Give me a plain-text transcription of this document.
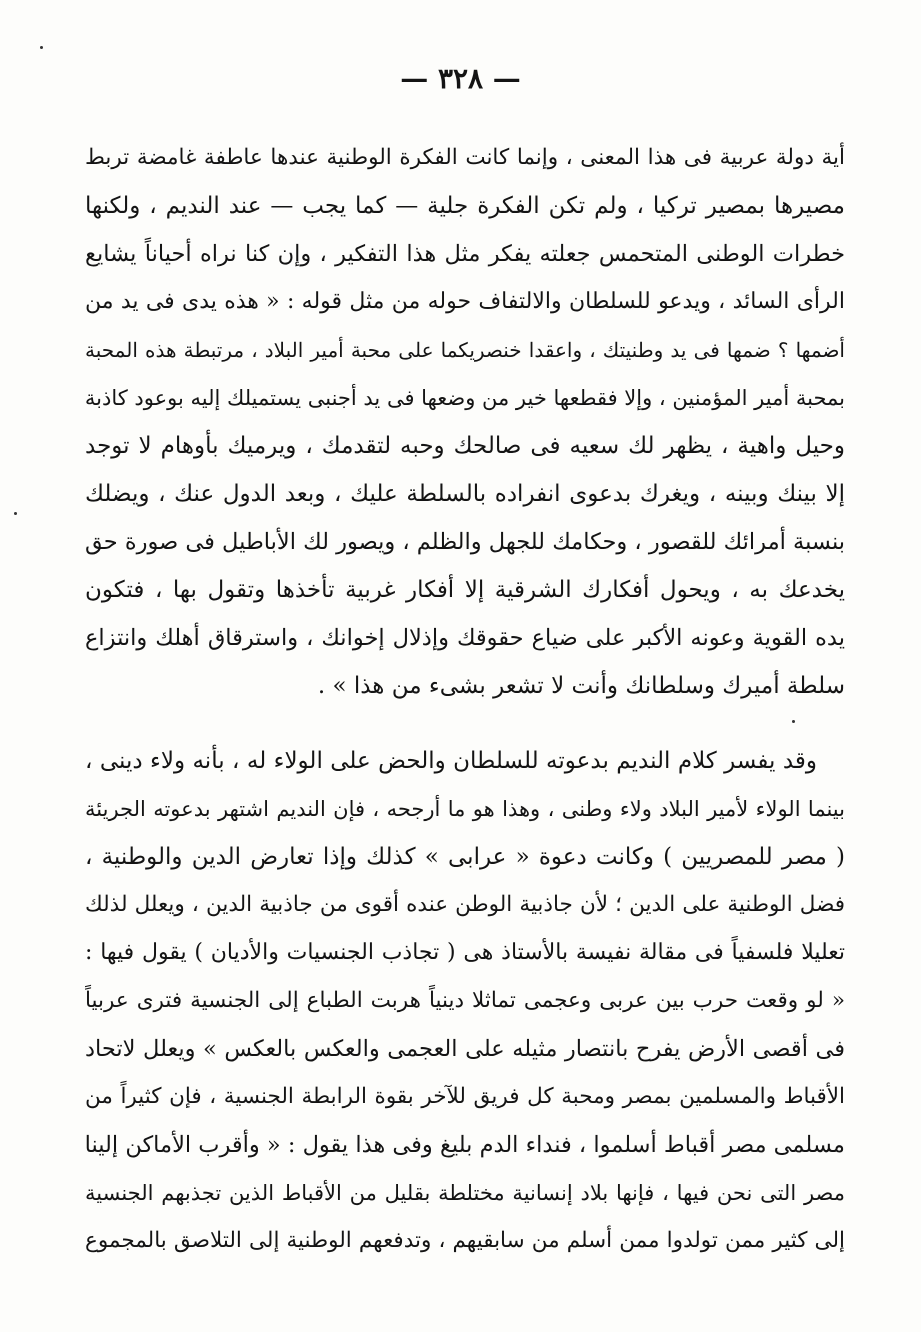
— ٣٢٨ —
أية دولة عربية فى هذا المعنى ، وإنما كانت الفكرة الوطنية عندها عاطفة غامضة تربط
مصيرها بمصير تركيا ، ولم تكن الفكرة جلية — كما يجب — عند النديم ، ولكنها
خطرات الوطنى المتحمس جعلته يفكر مثل هذا التفكير ، وإن كنا نراه أحياناً يشايع
الرأى السائد ، ويدعو للسلطان والالتفاف حوله من مثل قوله : « هذه يدى فى يد من
أضمها ؟ ضمها فى يد وطنيتك ، واعقدا خنصريكما على محبة أمير البلاد ، مرتبطة هذه المحبة
بمحبة أمير المؤمنين ، وإلا فقطعها خير من وضعها فى يد أجنبى يستميلك إليه بوعود كاذبة
وحيل واهية ، يظهر لك سعيه فى صالحك وحبه لتقدمك ، ويرميك بأوهام لا توجد
إلا بينك وبينه ، ويغرك بدعوى انفراده بالسلطة عليك ، وبعد الدول عنك ، ويضلك
بنسبة أمرائك للقصور ، وحكامك للجهل والظلم ، ويصور لك الأباطيل فى صورة حق
يخدعك به ، ويحول أفكارك الشرقية إلا أفكار غربية تأخذها وتقول بها ، فتكون
يده القوية وعونه الأكبر على ضياع حقوقك وإذلال إخوانك ، واسترقاق أهلك وانتزاع
سلطة أميرك وسلطانك وأنت لا تشعر بشىء من هذا » .
وقد يفسر كلام النديم بدعوته للسلطان والحض على الولاء له ، بأنه ولاء دينى ،
بينما الولاء لأمير البلاد ولاء وطنى ، وهذا هو ما أرجحه ، فإن النديم اشتهر بدعوته الجريئة
( مصر للمصريين ) وكانت دعوة « عرابى » كذلك وإذا تعارض الدين والوطنية ،
فضل الوطنية على الدين ؛ لأن جاذبية الوطن عنده أقوى من جاذبية الدين ، ويعلل لذلك
تعليلا فلسفياً فى مقالة نفيسة بالأستاذ هى ( تجاذب الجنسيات والأديان ) يقول فيها :
« لو وقعت حرب بين عربى وعجمى تماثلا دينياً هربت الطباع إلى الجنسية فترى عربياً
فى أقصى الأرض يفرح بانتصار مثيله على العجمى والعكس بالعكس » ويعلل لاتحاد
الأقباط والمسلمين بمصر ومحبة كل فريق للآخر بقوة الرابطة الجنسية ، فإن كثيراً من
مسلمى مصر أقباط أسلموا ، فنداء الدم بليغ وفى هذا يقول : « وأقرب الأماكن إلينا
مصر التى نحن فيها ، فإنها بلاد إنسانية مختلطة بقليل من الأقباط الذين تجذبهم الجنسية
إلى كثير ممن تولدوا ممن أسلم من سابقيهم ، وتدفعهم الوطنية إلى التلاصق بالمجموع
